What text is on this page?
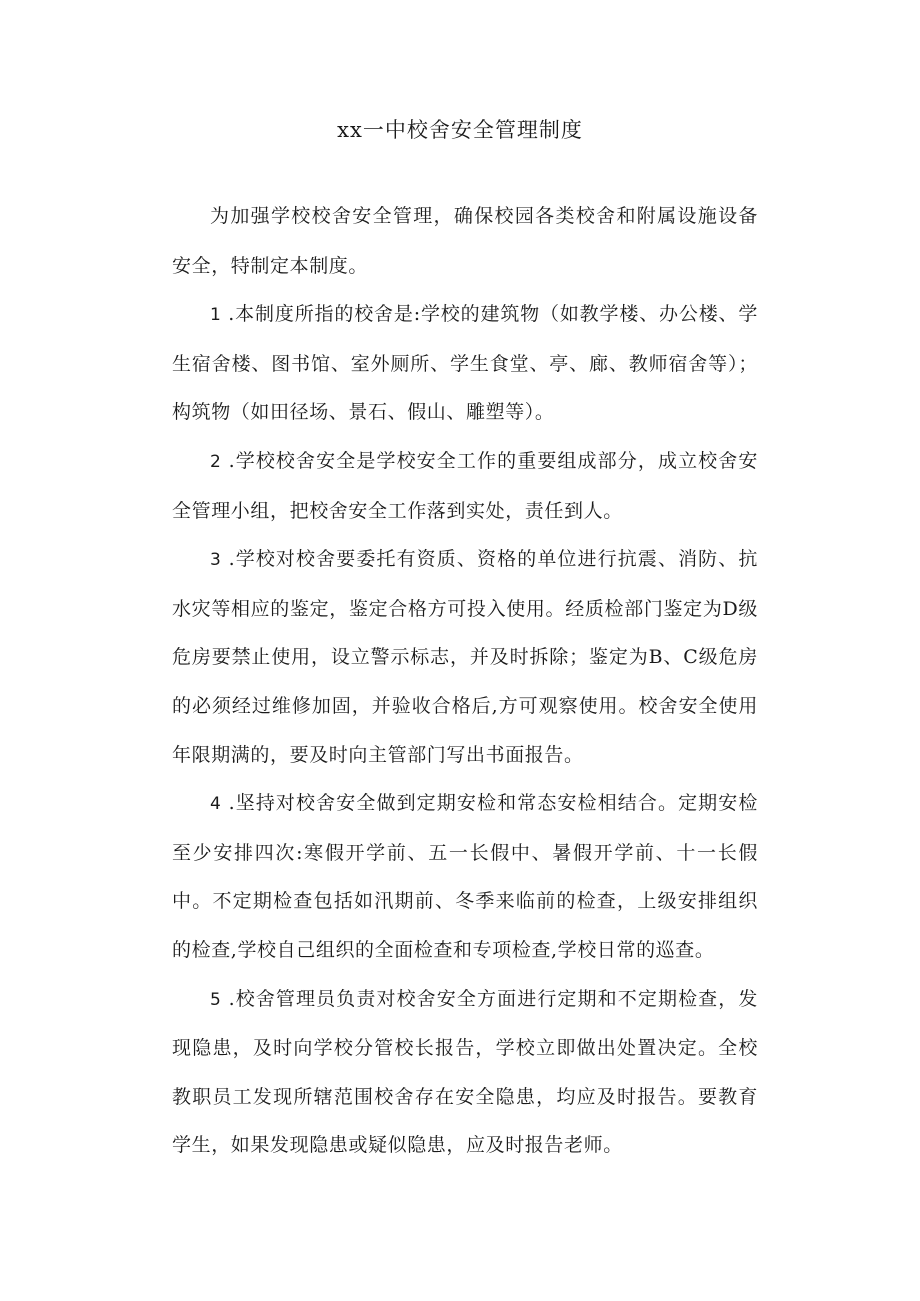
xx一中校舍安全管理制度

为加强学校校舍安全管理，确保校园各类校舍和附属设施设备安全，特制定本制度。

1 .本制度所指的校舍是:学校的建筑物（如教学楼、办公楼、学生宿舍楼、图书馆、室外厕所、学生食堂、亭、廊、教师宿舍等）；构筑物（如田径场、景石、假山、雕塑等）。

2 .学校校舍安全是学校安全工作的重要组成部分，成立校舍安全管理小组，把校舍安全工作落到实处，责任到人。

3 .学校对校舍要委托有资质、资格的单位进行抗震、消防、抗水灾等相应的鉴定，鉴定合格方可投入使用。经质检部门鉴定为D级危房要禁止使用，设立警示标志，并及时拆除；鉴定为B、C级危房的必须经过维修加固，并验收合格后,方可观察使用。校舍安全使用年限期满的，要及时向主管部门写出书面报告。

4 .坚持对校舍安全做到定期安检和常态安检相结合。定期安检至少安排四次:寒假开学前、五一长假中、暑假开学前、十一长假中。不定期检查包括如汛期前、冬季来临前的检查，上级安排组织的检查,学校自己组织的全面检查和专项检查,学校日常的巡查。

5 .校舍管理员负责对校舍安全方面进行定期和不定期检查，发现隐患，及时向学校分管校长报告，学校立即做出处置决定。全校教职员工发现所辖范围校舍存在安全隐患，均应及时报告。要教育学生，如果发现隐患或疑似隐患，应及时报告老师。
